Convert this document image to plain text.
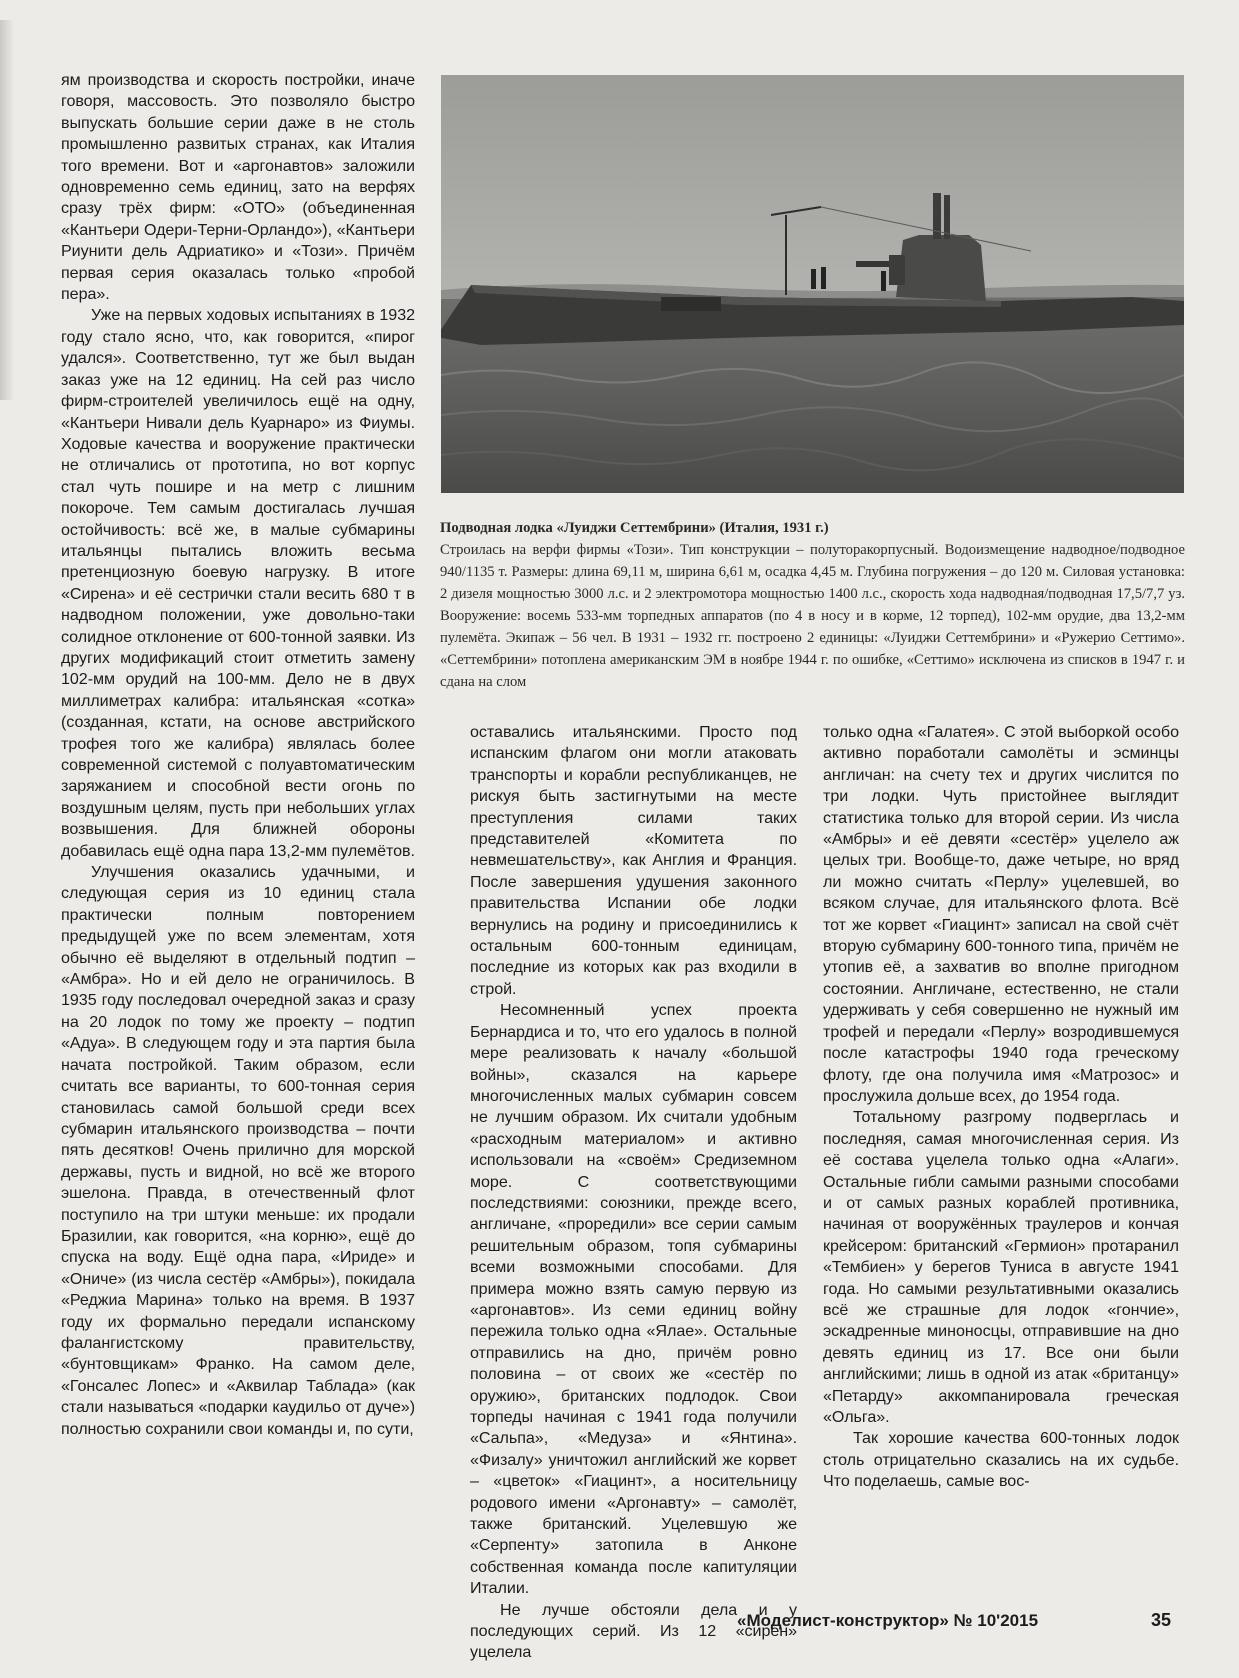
ям производства и скорость постройки, иначе говоря, массовость. Это позволяло быстро выпускать большие серии даже в не столь промышленно развитых странах, как Италия того времени. Вот и «аргонавтов» заложили одновременно семь единиц, зато на верфях сразу трёх фирм: «ОТО» (объединенная «Кантьери Одери-Терни-Орландо»), «Кантьери Риунити дель Адриатико» и «Този». Причём первая серия оказалась только «пробой пера».

Уже на первых ходовых испытаниях в 1932 году стало ясно, что, как говорится, «пирог удался». Соответственно, тут же был выдан заказ уже на 12 единиц. На сей раз число фирм-строителей увеличилось ещё на одну, «Кантьери Нивали дель Куарнаро» из Фиумы. Ходовые качества и вооружение практически не отличались от прототипа, но вот корпус стал чуть пошире и на метр с лишним покороче. Тем самым достигалась лучшая остойчивость: всё же, в малые субмарины итальянцы пытались вложить весьма претенциозную боевую нагрузку. В итоге «Сирена» и её сестрички стали весить 680 т в надводном положении, уже довольно-таки солидное отклонение от 600-тонной заявки. Из других модификаций стоит отметить замену 102-мм орудий на 100-мм. Дело не в двух миллиметрах калибра: итальянская «сотка» (созданная, кстати, на основе австрийского трофея того же калибра) являлась более современной системой с полуавтоматическим заряжанием и способной вести огонь по воздушным целям, пусть при небольших углах возвышения. Для ближней обороны добавилась ещё одна пара 13,2-мм пулемётов.

Улучшения оказались удачными, и следующая серия из 10 единиц стала практически полным повторением предыдущей уже по всем элементам, хотя обычно её выделяют в отдельный подтип – «Амбра». Но и ей дело не ограничилось. В 1935 году последовал очередной заказ и сразу на 20 лодок по тому же проекту – подтип «Адуа». В следующем году и эта партия была начата постройкой. Таким образом, если считать все варианты, то 600-тонная серия становилась самой большой среди всех субмарин итальянского производства – почти пять десятков! Очень прилично для морской державы, пусть и видной, но всё же второго эшелона. Правда, в отечественный флот поступило на три штуки меньше: их продали Бразилии, как говорится, «на корню», ещё до спуска на воду. Ещё одна пара, «Ириде» и «Ониче» (из числа сестёр «Амбры»), покидала «Реджиа Марина» только на время. В 1937 году их формально передали испанскому фалангистскому правительству, «бунтовщикам» Франко. На самом деле, «Гонсалес Лопес» и «Аквилар Таблада» (как стали называться «подарки каудильо от дуче») полностью сохранили свои команды и, по сути,

Подводная лодка «Луиджи Сеттембрини» (Италия, 1931 г.)
Строилась на верфи фирмы «Този». Тип конструкции – полуторакорпусный. Водоизмещение надводное/подводное 940/1135 т. Размеры: длина 69,11 м, ширина 6,61 м, осадка 4,45 м. Глубина погружения – до 120 м. Силовая установка: 2 дизеля мощностью 3000 л.с. и 2 электромотора мощностью 1400 л.с., скорость хода надводная/подводная 17,5/7,7 уз. Вооружение: восемь 533-мм торпедных аппаратов (по 4 в носу и в корме, 12 торпед), 102-мм орудие, два 13,2-мм пулемёта. Экипаж – 56 чел. В 1931 – 1932 гг. построено 2 единицы: «Луиджи Сеттембрини» и «Ружерио Сеттимо». «Сеттембрини» потоплена американским ЭМ в ноябре 1944 г. по ошибке, «Сеттимо» исключена из списков в 1947 г. и сдана на слом

оставались итальянскими. Просто под испанским флагом они могли атаковать транспорты и корабли республиканцев, не рискуя быть застигнутыми на месте преступления силами таких представителей «Комитета по невмешательству», как Англия и Франция. После завершения удушения законного правительства Испании обе лодки вернулись на родину и присоединились к остальным 600-тонным единицам, последние из которых как раз входили в строй.

Несомненный успех проекта Бернардиса и то, что его удалось в полной мере реализовать к началу «большой войны», сказался на карьере многочисленных малых субмарин совсем не лучшим образом. Их считали удобным «расходным материалом» и активно использовали на «своём» Средиземном море. С соответствующими последствиями: союзники, прежде всего, англичане, «проредили» все серии самым решительным образом, топя субмарины всеми возможными способами. Для примера можно взять самую первую из «аргонавтов». Из семи единиц войну пережила только одна «Ялае». Остальные отправились на дно, причём ровно половина – от своих же «сестёр по оружию», британских подлодок. Свои торпеды начиная с 1941 года получили «Сальпа», «Медуза» и «Янтина». «Физалу» уничтожил английский же корвет – «цветок» «Гиацинт», а носительницу родового имени «Аргонавту» – самолёт, также британский. Уцелевшую же «Серпенту» затопила в Анконе собственная команда после капитуляции Италии.

Не лучше обстояли дела и у последующих серий. Из 12 «сирен» уцелела

только одна «Галатея». С этой выборкой особо активно поработали самолёты и эсминцы англичан: на счету тех и других числится по три лодки. Чуть пристойнее выглядит статистика только для второй серии. Из числа «Амбры» и её девяти «сестёр» уцелело аж целых три. Вообще-то, даже четыре, но вряд ли можно считать «Перлу» уцелевшей, во всяком случае, для итальянского флота. Всё тот же корвет «Гиацинт» записал на свой счёт вторую субмарину 600-тонного типа, причём не утопив её, а захватив во вполне пригодном состоянии. Англичане, естественно, не стали удерживать у себя совершенно не нужный им трофей и передали «Перлу» возродившемуся после катастрофы 1940 года греческому флоту, где она получила имя «Матрозос» и прослужила дольше всех, до 1954 года.

Тотальному разгрому подверглась и последняя, самая многочисленная серия. Из её состава уцелела только одна «Алаги». Остальные гибли самыми разными способами и от самых разных кораблей противника, начиная от вооружённых траулеров и кончая крейсером: британский «Гермион» протаранил «Тембиен» у берегов Туниса в августе 1941 года. Но самыми результативными оказались всё же страшные для лодок «гончие», эскадренные миноносцы, отправившие на дно девять единиц из 17. Все они были английскими; лишь в одной из атак «британцу» «Петарду» аккомпанировала греческая «Ольга».

Так хорошие качества 600-тонных лодок столь отрицательно сказались на их судьбе. Что поделаешь, самые вос-

«Моделист-конструктор» № 10'2015	35
